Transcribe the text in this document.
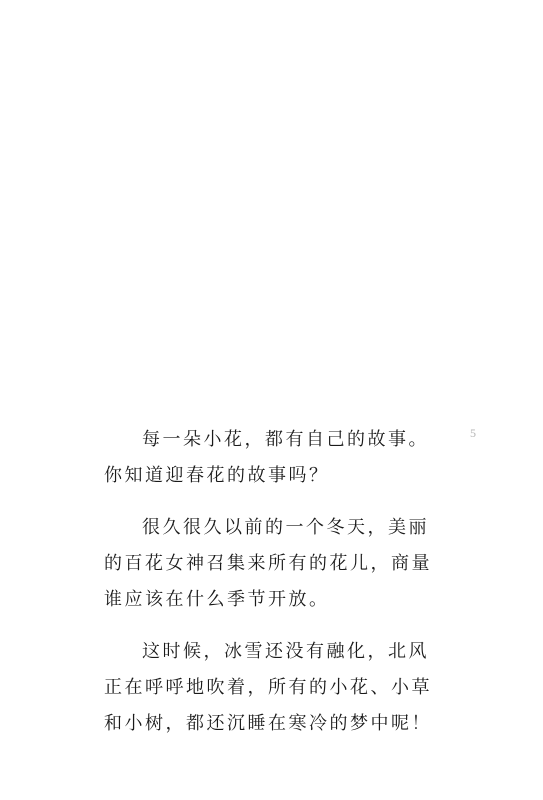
5
每一朵小花，都有自己的故事。
你知道迎春花的故事吗？
很久很久以前的一个冬天，美丽
的百花女神召集来所有的花儿，商量
谁应该在什么季节开放。
这时候，冰雪还没有融化，北风
正在呼呼地吹着，所有的小花、小草
和小树，都还沉睡在寒冷的梦中呢！
